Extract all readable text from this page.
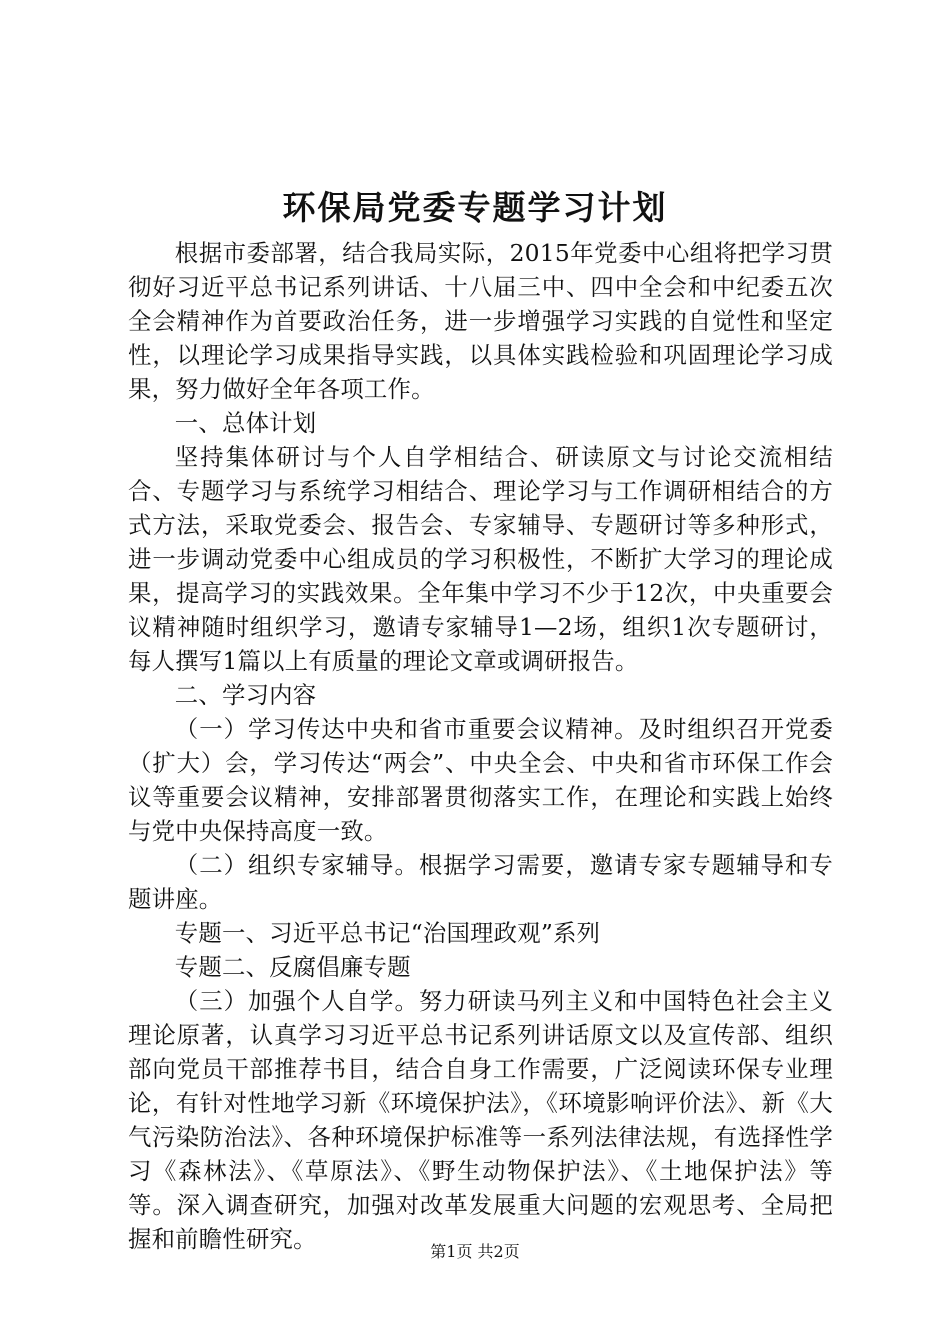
环保局党委专题学习计划

根据市委部署，结合我局实际，2015年党委中心组将把学习贯彻好习近平总书记系列讲话、十八届三中、四中全会和中纪委五次全会精神作为首要政治任务，进一步增强学习实践的自觉性和坚定性，以理论学习成果指导实践，以具体实践检验和巩固理论学习成果，努力做好全年各项工作。

一、总体计划

坚持集体研讨与个人自学相结合、研读原文与讨论交流相结合、专题学习与系统学习相结合、理论学习与工作调研相结合的方式方法，采取党委会、报告会、专家辅导、专题研讨等多种形式，进一步调动党委中心组成员的学习积极性，不断扩大学习的理论成果，提高学习的实践效果。全年集中学习不少于12次，中央重要会议精神随时组织学习，邀请专家辅导1—2场，组织1次专题研讨，每人撰写1篇以上有质量的理论文章或调研报告。

二、学习内容

（一）学习传达中央和省市重要会议精神。及时组织召开党委（扩大）会，学习传达“两会”、中央全会、中央和省市环保工作会议等重要会议精神，安排部署贯彻落实工作，在理论和实践上始终与党中央保持高度一致。

（二）组织专家辅导。根据学习需要，邀请专家专题辅导和专题讲座。

专题一、习近平总书记“治国理政观”系列

专题二、反腐倡廉专题

（三）加强个人自学。努力研读马列主义和中国特色社会主义理论原著，认真学习习近平总书记系列讲话原文以及宣传部、组织部向党员干部推荐书目，结合自身工作需要，广泛阅读环保专业理论，有针对性地学习新《环境保护法》，《环境影响评价法》、新《大气污染防治法》、各种环境保护标准等一系列法律法规，有选择性学习《森林法》、《草原法》、《野生动物保护法》、《土地保护法》等等。深入调查研究，加强对改革发展重大问题的宏观思考、全局把握和前瞻性研究。	第1页 共2页
